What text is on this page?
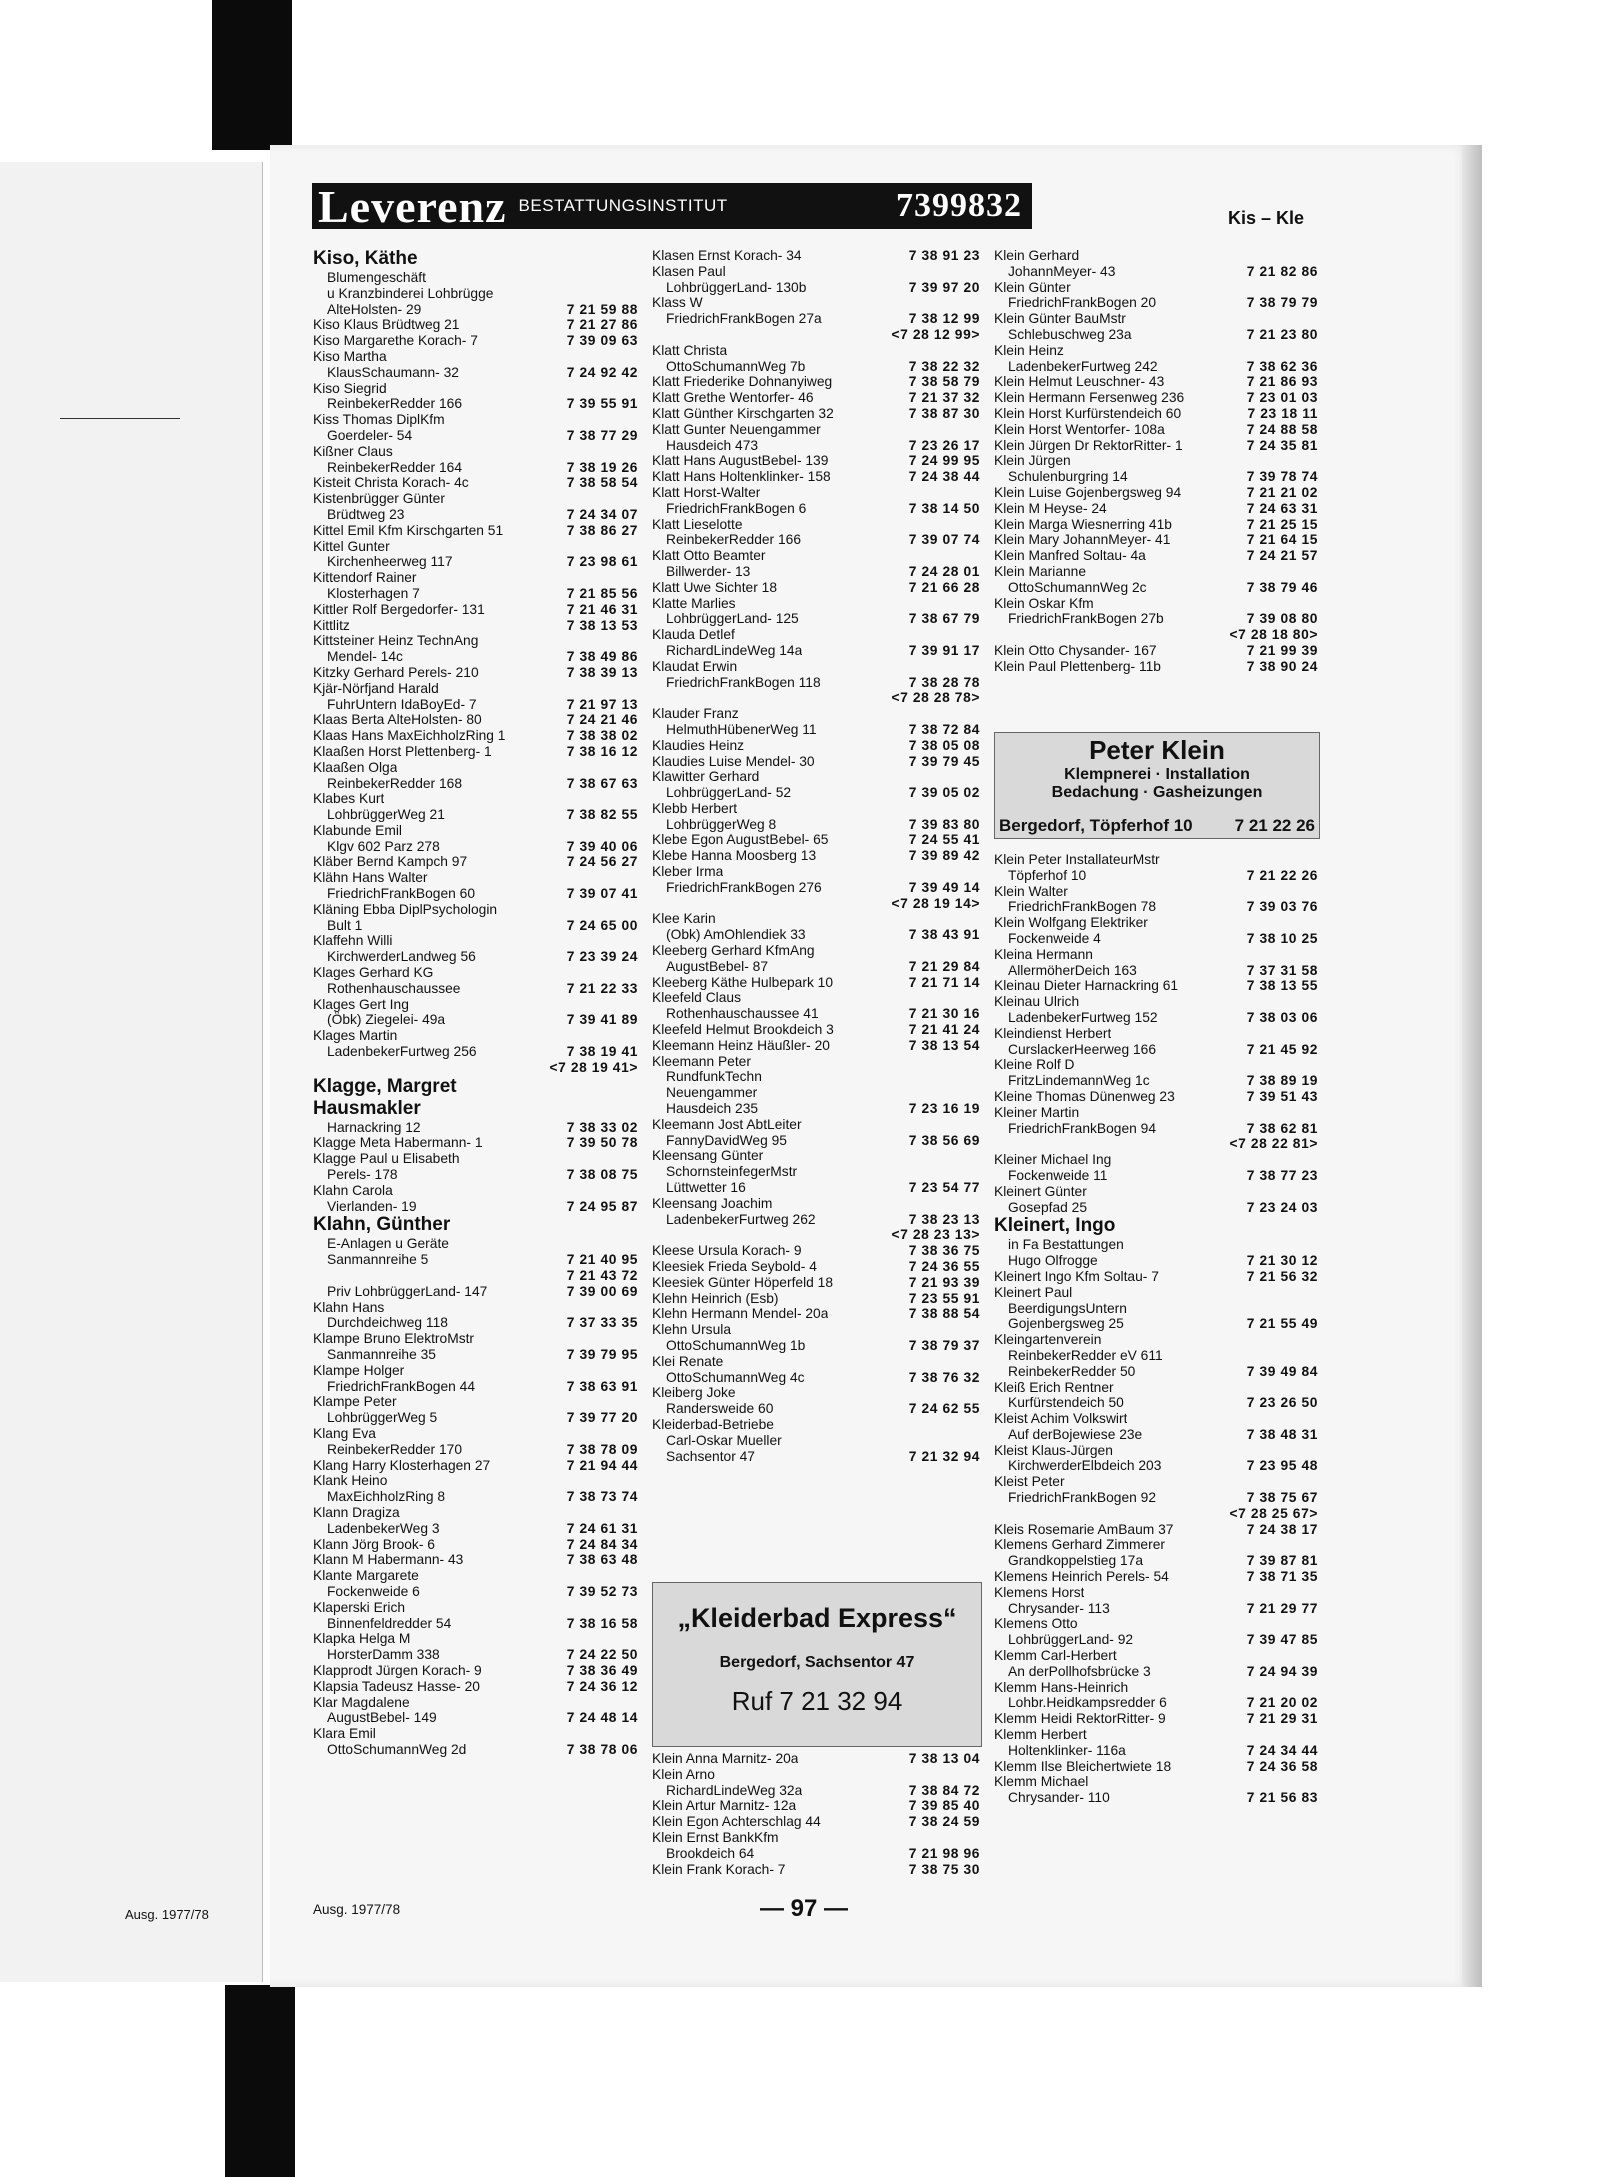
Ausg. 1977/78
Leverenz BESTATTUNGSINSTITUT	7399832	Kis – Kle
Kiso, Käthe
Blumengeschäft
u Kranzbinderei Lohbrügge
AlteHolsten- 29	7 21 59 88
Kiso Klaus Brüdtweg 21	7 21 27 86
Kiso Margarethe Korach- 7	7 39 09 63
Kiso Martha
KlausSchaumann- 32	7 24 92 42
Kiso Siegrid
ReinbekerRedder 166	7 39 55 91
Kiss Thomas DiplKfm
Goerdeler- 54	7 38 77 29
Kißner Claus
ReinbekerRedder 164	7 38 19 26
Kisteit Christa Korach- 4c	7 38 58 54
Kistenbrügger Günter
Brüdtweg 23	7 24 34 07
Kittel Emil Kfm Kirschgarten 51	7 38 86 27
Kittel Gunter
Kirchenheerweg 117	7 23 98 61
Kittendorf Rainer
Klosterhagen 7	7 21 85 56
Kittler Rolf Bergedorfer- 131	7 21 46 31
Kittlitz	7 38 13 53
Kittsteiner Heinz TechnAng
Mendel- 14c	7 38 49 86
Kitzky Gerhard Perels- 210	7 38 39 13
Kjär-Nörfjand Harald
FuhrUntern IdaBoyEd- 7	7 21 97 13
Klaas Berta AlteHolsten- 80	7 24 21 46
Klaas Hans MaxEichholzRing 1	7 38 38 02
Klaaßen Horst Plettenberg- 1	7 38 16 12
Klaaßen Olga
ReinbekerRedder 168	7 38 67 63
Klabes Kurt
LohbrüggerWeg 21	7 38 82 55
Klabunde Emil
Klgv 602 Parz 278	7 39 40 06
Kläber Bernd Kampch 97	7 24 56 27
Klähn Hans Walter
FriedrichFrankBogen 60	7 39 07 41
Kläning Ebba DiplPsychologin
Bult 1	7 24 65 00
Klaffehn Willi
KirchwerderLandweg 56	7 23 39 24
Klages Gerhard KG
Rothenhauschaussee	7 21 22 33
Klages Gert Ing
(Öbk) Ziegelei- 49a	7 39 41 89
Klages Martin
LadenbekerFurtweg 256	7 38 19 41
<7 28 19 41>
Klagge, Margret
Hausmakler
Harnackring 12	7 38 33 02
Klagge Meta Habermann- 1	7 39 50 78
Klagge Paul u Elisabeth
Perels- 178	7 38 08 75
Klahn Carola
Vierlanden- 19	7 24 95 87
Klahn, Günther
E-Anlagen u Geräte
Sanmannreihe 5	7 21 40 95
7 21 43 72
Priv LohbrüggerLand- 147	7 39 00 69
Klahn Hans
Durchdeichweg 118	7 37 33 35
Klampe Bruno ElektroMstr
Sanmannreihe 35	7 39 79 95
Klampe Holger
FriedrichFrankBogen 44	7 38 63 91
Klampe Peter
LohbrüggerWeg 5	7 39 77 20
Klang Eva
ReinbekerRedder 170	7 38 78 09
Klang Harry Klosterhagen 27	7 21 94 44
Klank Heino
MaxEichholzRing 8	7 38 73 74
Klann Dragiza
LadenbekerWeg 3	7 24 61 31
Klann Jörg Brook- 6	7 24 84 34
Klann M Habermann- 43	7 38 63 48
Klante Margarete
Fockenweide 6	7 39 52 73
Klaperski Erich
Binnenfeldredder 54	7 38 16 58
Klapka Helga M
HorsterDamm 338	7 24 22 50
Klapprodt Jürgen Korach- 9	7 38 36 49
Klapsia Tadeusz Hasse- 20	7 24 36 12
Klar Magdalene
AugustBebel- 149	7 24 48 14
Klara Emil
OttoSchumannWeg 2d	7 38 78 06
Klasen Ernst Korach- 34	7 38 91 23
Klasen Paul
LohbrüggerLand- 130b	7 39 97 20
Klass W
FriedrichFrankBogen 27a	7 38 12 99
<7 28 12 99>
Klatt Christa
OttoSchumannWeg 7b	7 38 22 32
Klatt Friederike Dohnanyiweg	7 38 58 79
Klatt Grethe Wentorfer- 46	7 21 37 32
Klatt Günther Kirschgarten 32	7 38 87 30
Klatt Gunter Neuengammer
Hausdeich 473	7 23 26 17
Klatt Hans AugustBebel- 139	7 24 99 95
Klatt Hans Holtenklinker- 158	7 24 38 44
Klatt Horst-Walter
FriedrichFrankBogen 6	7 38 14 50
Klatt Lieselotte
ReinbekerRedder 166	7 39 07 74
Klatt Otto Beamter
Billwerder- 13	7 24 28 01
Klatt Uwe Sichter 18	7 21 66 28
Klatte Marlies
LohbrüggerLand- 125	7 38 67 79
Klauda Detlef
RichardLindeWeg 14a	7 39 91 17
Klaudat Erwin
FriedrichFrankBogen 118	7 38 28 78
<7 28 28 78>
Klauder Franz
HelmuthHübenerWeg 11	7 38 72 84
Klaudies Heinz	7 38 05 08
Klaudies Luise Mendel- 30	7 39 79 45
Klawitter Gerhard
LohbrüggerLand- 52	7 39 05 02
Klebb Herbert
LohbrüggerWeg 8	7 39 83 80
Klebe Egon AugustBebel- 65	7 24 55 41
Klebe Hanna Moosberg 13	7 39 89 42
Kleber Irma
FriedrichFrankBogen 276	7 39 49 14
<7 28 19 14>
Klee Karin
(Obk) AmOhlendiek 33	7 38 43 91
Kleeberg Gerhard KfmAng
AugustBebel- 87	7 21 29 84
Kleeberg Käthe Hulbepark 10	7 21 71 14
Kleefeld Claus
Rothenhauschaussee 41	7 21 30 16
Kleefeld Helmut Brookdeich 3	7 21 41 24
Kleemann Heinz Häußler- 20	7 38 13 54
Kleemann Peter
RundfunkTechn
Neuengammer
Hausdeich 235	7 23 16 19
Kleemann Jost AbtLeiter
FannyDavidWeg 95	7 38 56 69
Kleensang Günter
SchornsteinfegerMstr
Lüttwetter 16	7 23 54 77
Kleensang Joachim
LadenbekerFurtweg 262	7 38 23 13
<7 28 23 13>
Kleese Ursula Korach- 9	7 38 36 75
Kleesiek Frieda Seybold- 4	7 24 36 55
Kleesiek Günter Höperfeld 18	7 21 93 39
Klehn Heinrich (Esb)	7 23 55 91
Klehn Hermann Mendel- 20a	7 38 88 54
Klehn Ursula
OttoSchumannWeg 1b	7 38 79 37
Klei Renate
OttoSchumannWeg 4c	7 38 76 32
Kleiberg Joke
Randersweide 60	7 24 62 55
Kleiderbad-Betriebe
Carl-Oskar Mueller
Sachsentor 47	7 21 32 94
„Kleiderbad Express“
Bergedorf, Sachsentor 47
Ruf 7 21 32 94
Klein Anna Marnitz- 20a	7 38 13 04
Klein Arno
RichardLindeWeg 32a	7 38 84 72
Klein Artur Marnitz- 12a	7 39 85 40
Klein Egon Achterschlag 44	7 38 24 59
Klein Ernst BankKfm
Brookdeich 64	7 21 98 96
Klein Frank Korach- 7	7 38 75 30
Klein Gerhard
JohannMeyer- 43	7 21 82 86
Klein Günter
FriedrichFrankBogen 20	7 38 79 79
Klein Günter BauMstr
Schlebuschweg 23a	7 21 23 80
Klein Heinz
LadenbekerFurtweg 242	7 38 62 36
Klein Helmut Leuschner- 43	7 21 86 93
Klein Hermann Fersenweg 236	7 23 01 03
Klein Horst Kurfürstendeich 60	7 23 18 11
Klein Horst Wentorfer- 108a	7 24 88 58
Klein Jürgen Dr RektorRitter- 1	7 24 35 81
Klein Jürgen
Schulenburgring 14	7 39 78 74
Klein Luise Gojenbergsweg 94	7 21 21 02
Klein M Heyse- 24	7 24 63 31
Klein Marga Wiesnerring 41b	7 21 25 15
Klein Mary JohannMeyer- 41	7 21 64 15
Klein Manfred Soltau- 4a	7 24 21 57
Klein Marianne
OttoSchumannWeg 2c	7 38 79 46
Klein Oskar Kfm
FriedrichFrankBogen 27b	7 39 08 80
<7 28 18 80>
Klein Otto Chysander- 167	7 21 99 39
Klein Paul Plettenberg- 11b	7 38 90 24
Peter Klein
Klempnerei · Installation
Bedachung · Gasheizungen
Bergedorf, Töpferhof 10 7 21 22 26
Klein Peter InstallateurMstr
Töpferhof 10	7 21 22 26
Klein Walter
FriedrichFrankBogen 78	7 39 03 76
Klein Wolfgang Elektriker
Fockenweide 4	7 38 10 25
Kleina Hermann
AllermöherDeich 163	7 37 31 58
Kleinau Dieter Harnackring 61	7 38 13 55
Kleinau Ulrich
LadenbekerFurtweg 152	7 38 03 06
Kleindienst Herbert
CurslackerHeerweg 166	7 21 45 92
Kleine Rolf D
FritzLindemannWeg 1c	7 38 89 19
Kleine Thomas Dünenweg 23	7 39 51 43
Kleiner Martin
FriedrichFrankBogen 94	7 38 62 81
<7 28 22 81>
Kleiner Michael Ing
Fockenweide 11	7 38 77 23
Kleinert Günter
Gosepfad 25	7 23 24 03
Kleinert, Ingo
in Fa Bestattungen
Hugo Olfrogge	7 21 30 12
Kleinert Ingo Kfm Soltau- 7	7 21 56 32
Kleinert Paul
BeerdigungsUntern
Gojenbergsweg 25	7 21 55 49
Kleingartenverein
ReinbekerRedder eV 611
ReinbekerRedder 50	7 39 49 84
Kleiß Erich Rentner
Kurfürstendeich 50	7 23 26 50
Kleist Achim Volkswirt
Auf derBojewiese 23e	7 38 48 31
Kleist Klaus-Jürgen
KirchwerderElbdeich 203	7 23 95 48
Kleist Peter
FriedrichFrankBogen 92	7 38 75 67
<7 28 25 67>
Kleis Rosemarie AmBaum 37	7 24 38 17
Klemens Gerhard Zimmerer
Grandkoppelstieg 17a	7 39 87 81
Klemens Heinrich Perels- 54	7 38 71 35
Klemens Horst
Chrysander- 113	7 21 29 77
Klemens Otto
LohbrüggerLand- 92	7 39 47 85
Klemm Carl-Herbert
An derPollhofsbrücke 3	7 24 94 39
Klemm Hans-Heinrich
Lohbr.Heidkampsredder 6	7 21 20 02
Klemm Heidi RektorRitter- 9	7 21 29 31
Klemm Herbert
Holtenklinker- 116a	7 24 34 44
Klemm Ilse Bleichertwiete 18	7 24 36 58
Klemm Michael
Chrysander- 110	7 21 56 83
Ausg. 1977/78	— 97 —
